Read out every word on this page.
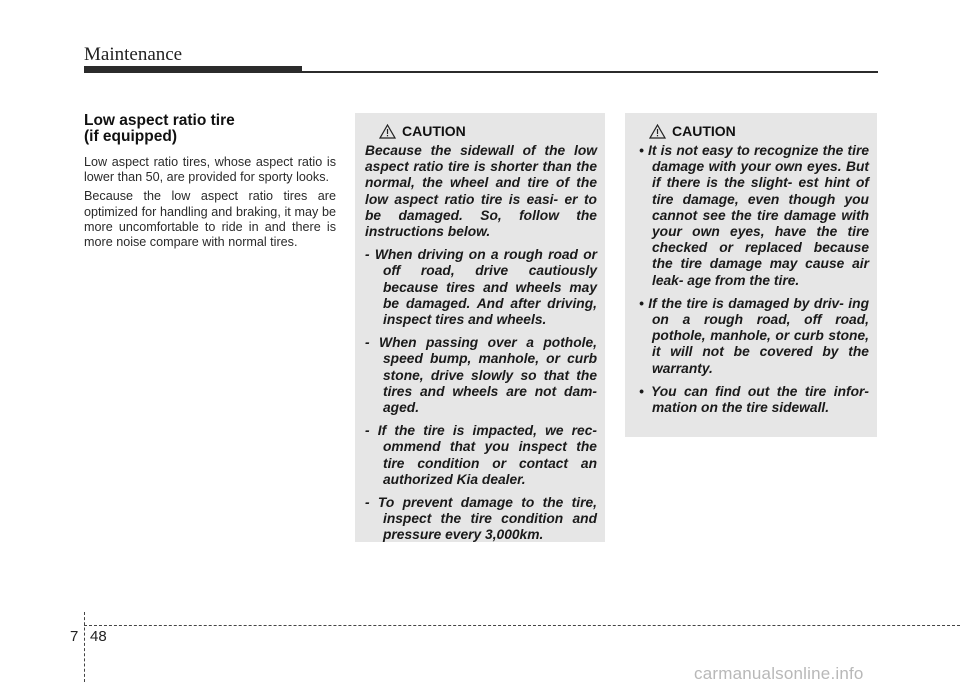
Maintenance
Low aspect ratio tire
(if equipped)

Low aspect ratio tires, whose aspect ratio is lower than 50, are provided for sporty looks.

Because the low aspect ratio tires are optimized for handling and braking, it may be more uncomfortable to ride in and there is more noise compare with normal tires.

CAUTION

Because the sidewall of the low aspect ratio tire is shorter than the normal, the wheel and tire of the low aspect ratio tire is easi- er to be damaged. So, follow the instructions below.

- When driving on a rough road or off road, drive cautiously because tires and wheels may be damaged. And after driving, inspect tires and wheels.

- When passing over a pothole, speed bump, manhole, or curb stone, drive slowly so that the tires and wheels are not dam- aged.

- If the tire is impacted, we rec- ommend that you inspect the tire condition or contact an authorized Kia dealer.

- To prevent damage to the tire, inspect the tire condition and pressure every 3,000km.

CAUTION

• It is not easy to recognize the tire damage with your own eyes. But if there is the slight- est hint of tire damage, even though you cannot see the tire damage with your own eyes, have the tire checked or replaced because the tire damage may cause air leak- age from the tire.

• If the tire is damaged by driv- ing on a rough road, off road, pothole, manhole, or curb stone, it will not be covered by the warranty.

• You can find out the tire infor- mation on the tire sidewall.

7 48
carmanualsonline.info
